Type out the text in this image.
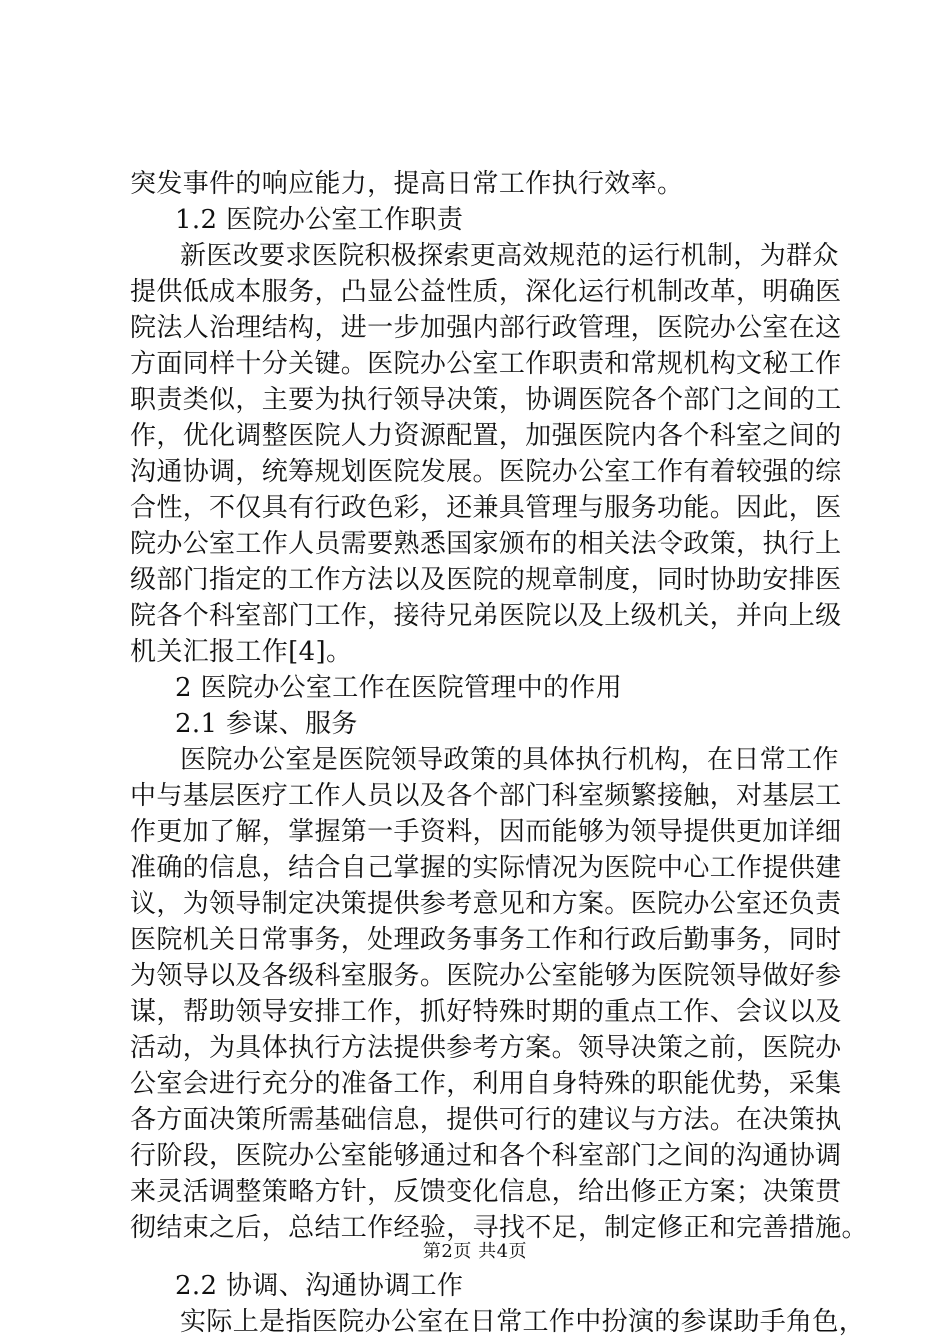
突发事件的响应能力，提高日常工作执行效率。
1.2 医院办公室工作职责
新医改要求医院积极探索更高效规范的运行机制，为群众
提供低成本服务，凸显公益性质，深化运行机制改革，明确医
院法人治理结构，进一步加强内部行政管理，医院办公室在这
方面同样十分关键。医院办公室工作职责和常规机构文秘工作
职责类似，主要为执行领导决策，协调医院各个部门之间的工
作，优化调整医院人力资源配置，加强医院内各个科室之间的
沟通协调，统筹规划医院发展。医院办公室工作有着较强的综
合性，不仅具有行政色彩，还兼具管理与服务功能。因此，医
院办公室工作人员需要熟悉国家颁布的相关法令政策，执行上
级部门指定的工作方法以及医院的规章制度，同时协助安排医
院各个科室部门工作，接待兄弟医院以及上级机关，并向上级
机关汇报工作[4]。
2 医院办公室工作在医院管理中的作用
2.1 参谋、服务
医院办公室是医院领导政策的具体执行机构，在日常工作
中与基层医疗工作人员以及各个部门科室频繁接触，对基层工
作更加了解，掌握第一手资料，因而能够为领导提供更加详细
准确的信息，结合自己掌握的实际情况为医院中心工作提供建
议，为领导制定决策提供参考意见和方案。医院办公室还负责
医院机关日常事务，处理政务事务工作和行政后勤事务，同时
为领导以及各级科室服务。医院办公室能够为医院领导做好参
谋，帮助领导安排工作，抓好特殊时期的重点工作、会议以及
活动，为具体执行方法提供参考方案。领导决策之前，医院办
公室会进行充分的准备工作，利用自身特殊的职能优势，采集
各方面决策所需基础信息，提供可行的建议与方法。在决策执
行阶段，医院办公室能够通过和各个科室部门之间的沟通协调
来灵活调整策略方针，反馈变化信息，给出修正方案；决策贯
彻结束之后，总结工作经验，寻找不足，制定修正和完善措施。
2.2 协调、沟通协调工作
实际上是指医院办公室在日常工作中扮演的参谋助手角色，
第2页 共4页
